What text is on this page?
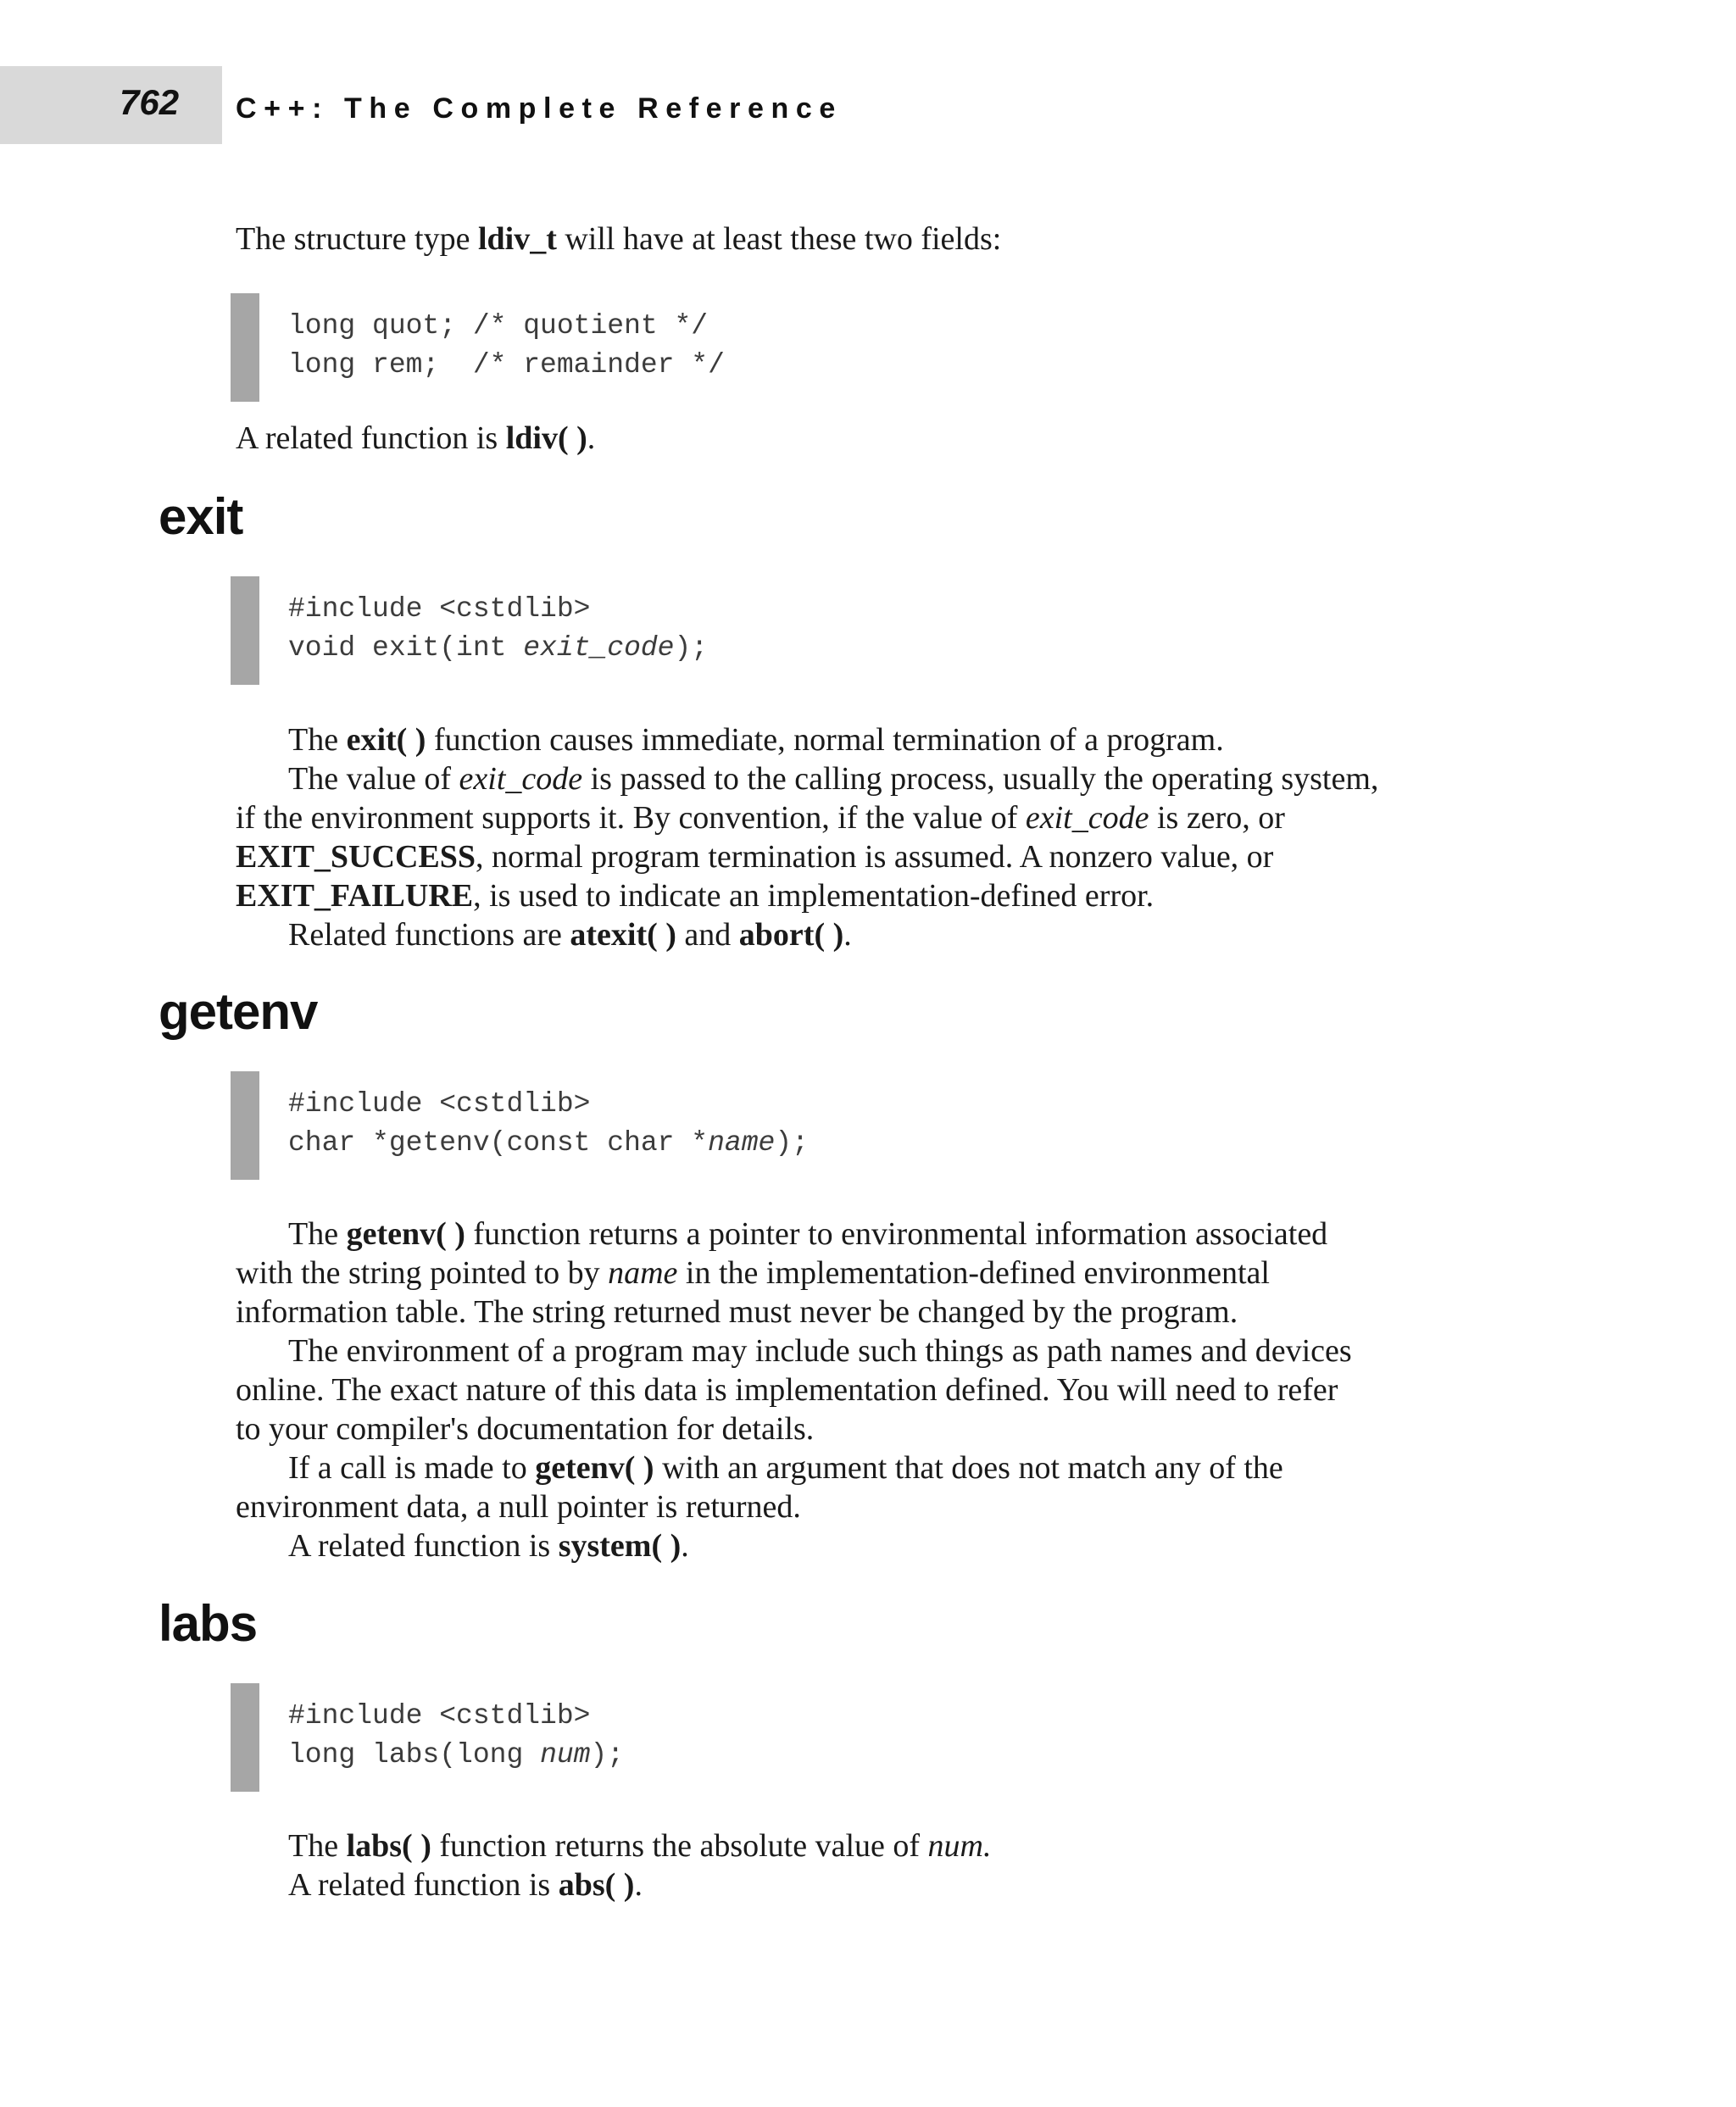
762 C++: The Complete Reference

The structure type ldiv_t will have at least these two fields:

long quot; /* quotient */
long rem;  /* remainder */

A related function is ldiv( ).

exit
#include <cstdlib>
void exit(int exit_code);
The exit( ) function causes immediate, normal termination of a program.
The value of exit_code is passed to the calling process, usually the operating system,
if the environment supports it. By convention, if the value of exit_code is zero, or
EXIT_SUCCESS, normal program termination is assumed. A nonzero value, or
EXIT_FAILURE, is used to indicate an implementation-defined error.
Related functions are atexit( ) and abort( ).
getenv
#include <cstdlib>
char *getenv(const char *name);
The getenv( ) function returns a pointer to environmental information associated
with the string pointed to by name in the implementation-defined environmental
information table. The string returned must never be changed by the program.
The environment of a program may include such things as path names and devices
online. The exact nature of this data is implementation defined. You will need to refer
to your compiler's documentation for details.
If a call is made to getenv( ) with an argument that does not match any of the
environment data, a null pointer is returned.
A related function is system( ).
labs
#include <cstdlib>
long labs(long num);
The labs( ) function returns the absolute value of num.
A related function is abs( ).
